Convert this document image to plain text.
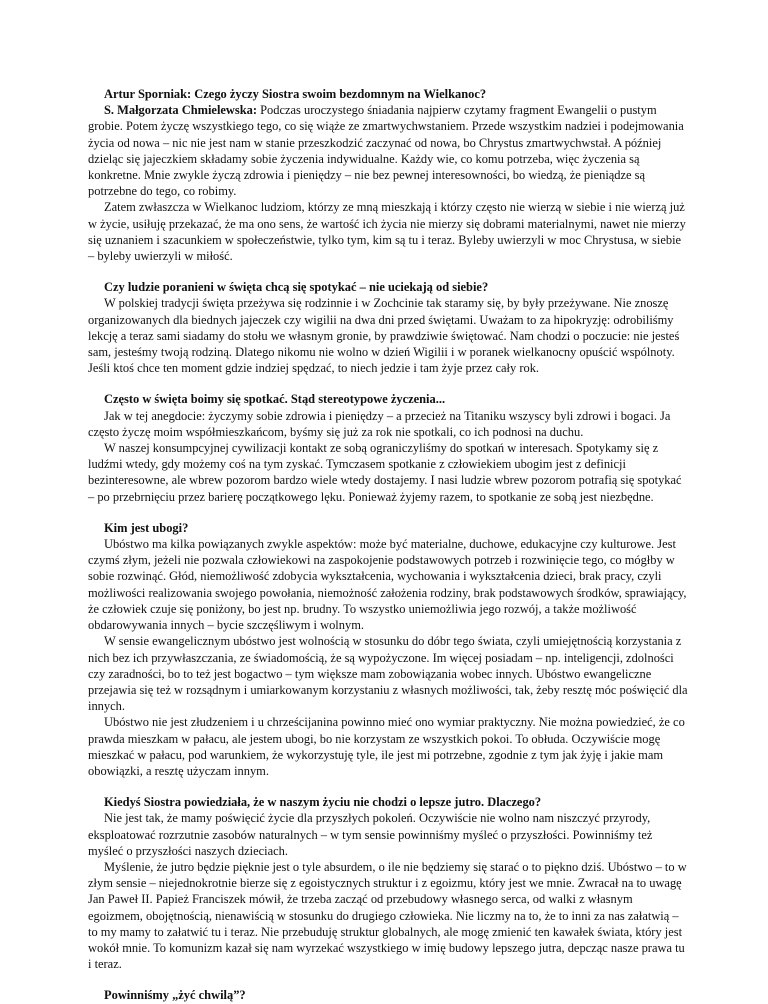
Artur Sporniak: Czego życzy Siostra swoim bezdomnym na Wielkanoc?

S. Małgorzata Chmielewska: Podczas uroczystego śniadania najpierw czytamy fragment Ewangelii o pustym grobie. Potem życzę wszystkiego tego, co się wiąże ze zmartwychwstaniem. Przede wszystkim nadziei i podejmowania życia od nowa – nic nie jest nam w stanie przeszkodzić zaczynać od nowa, bo Chrystus zmartwychwstał. A później dzieląc się jajeczkiem składamy sobie życzenia indywidualne. Każdy wie, co komu potrzeba, więc życzenia są konkretne. Mnie zwykle życzą zdrowia i pieniędzy – nie bez pewnej interesowności, bo wiedzą, że pieniądze są potrzebne do tego, co robimy.

Zatem zwłaszcza w Wielkanoc ludziom, którzy ze mną mieszkają i którzy często nie wierzą w siebie i nie wierzą już w życie, usiłuję przekazać, że ma ono sens, że wartość ich życia nie mierzy się dobrami materialnymi, nawet nie mierzy się uznaniem i szacunkiem w społeczeństwie, tylko tym, kim są tu i teraz. Byleby uwierzyli w moc Chrystusa, w siebie – byleby uwierzyli w miłość.

Czy ludzie poranieni w święta chcą się spotykać – nie uciekają od siebie?

W polskiej tradycji święta przeżywa się rodzinnie i w Zochcinie tak staramy się, by były przeżywane. Nie znoszę organizowanych dla biednych jajeczek czy wigilii na dwa dni przed świętami. Uważam to za hipokryzję: odrobiliśmy lekcję a teraz sami siadamy do stołu we własnym gronie, by prawdziwie świętować. Nam chodzi o poczucie: nie jesteś sam, jesteśmy twoją rodziną. Dlatego nikomu nie wolno w dzień Wigilii i w poranek wielkanocny opuścić wspólnoty. Jeśli ktoś chce ten moment gdzie indziej spędzać, to niech jedzie i tam żyje przez cały rok.

Często w święta boimy się spotkać. Stąd stereotypowe życzenia...

Jak w tej anegdocie: życzymy sobie zdrowia i pieniędzy – a przecież na Titaniku wszyscy byli zdrowi i bogaci. Ja często życzę moim współmieszkańcom, byśmy się już za rok nie spotkali, co ich podnosi na duchu.

W naszej konsumpcyjnej cywilizacji kontakt ze sobą ograniczyliśmy do spotkań w interesach. Spotykamy się z ludźmi wtedy, gdy możemy coś na tym zyskać. Tymczasem spotkanie z człowiekiem ubogim jest z definicji bezinteresowne, ale wbrew pozorom bardzo wiele wtedy dostajemy. I nasi ludzie wbrew pozorom potrafią się spotykać – po przebrnięciu przez barierę początkowego lęku. Ponieważ żyjemy razem, to spotkanie ze sobą jest niezbędne.

Kim jest ubogi?

Ubóstwo ma kilka powiązanych zwykle aspektów: może być materialne, duchowe, edukacyjne czy kulturowe. Jest czymś złym, jeżeli nie pozwala człowiekowi na zaspokojenie podstawowych potrzeb i rozwinięcie tego, co mógłby w sobie rozwinąć. Głód, niemożliwość zdobycia wykształcenia, wychowania i wykształcenia dzieci, brak pracy, czyli możliwości realizowania swojego powołania, niemożność założenia rodziny, brak podstawowych środków, sprawiający, że człowiek czuje się poniżony, bo jest np. brudny. To wszystko uniemożliwia jego rozwój, a także możliwość obdarowywania innych – bycie szczęśliwym i wolnym.

W sensie ewangelicznym ubóstwo jest wolnością w stosunku do dóbr tego świata, czyli umiejętnością korzystania z nich bez ich przywłaszczania, ze świadomością, że są wypożyczone. Im więcej posiadam – np. inteligencji, zdolności czy zaradności, bo to też jest bogactwo – tym większe mam zobowiązania wobec innych. Ubóstwo ewangeliczne przejawia się też w rozsądnym i umiarkowanym korzystaniu z własnych możliwości, tak, żeby resztę móc poświęcić dla innych.

Ubóstwo nie jest złudzeniem i u chrześcijanina powinno mieć ono wymiar praktyczny. Nie można powiedzieć, że co prawda mieszkam w pałacu, ale jestem ubogi, bo nie korzystam ze wszystkich pokoi. To obłuda. Oczywiście mogę mieszkać w pałacu, pod warunkiem, że wykorzystuję tyle, ile jest mi potrzebne, zgodnie z tym jak żyję i jakie mam obowiązki, a resztę użyczam innym.

Kiedyś Siostra powiedziała, że w naszym życiu nie chodzi o lepsze jutro. Dlaczego?

Nie jest tak, że mamy poświęcić życie dla przyszłych pokoleń. Oczywiście nie wolno nam niszczyć przyrody, eksploatować rozrzutnie zasobów naturalnych – w tym sensie powinniśmy myśleć o przyszłości. Powinniśmy też myśleć o przyszłości naszych dzieciach.

Myślenie, że jutro będzie pięknie jest o tyle absurdem, o ile nie będziemy się starać o to piękno dziś. Ubóstwo – to w złym sensie – niejednokrotnie bierze się z egoistycznych struktur i z egoizmu, który jest we mnie. Zwracał na to uwagę Jan Paweł II. Papież Franciszek mówił, że trzeba zacząć od przebudowy własnego serca, od walki z własnym egoizmem, obojętnością, nienawiścią w stosunku do drugiego człowieka. Nie liczmy na to, że to inni za nas załatwią – to my mamy to załatwić tu i teraz. Nie przebuduję struktur globalnych, ale mogę zmienić ten kawałek świata, który jest wokół mnie. To komunizm kazał się nam wyrzekać wszystkiego w imię budowy lepszego jutra, depcząc nasze prawa tu i teraz.

Powinniśmy „żyć chwilą”?
